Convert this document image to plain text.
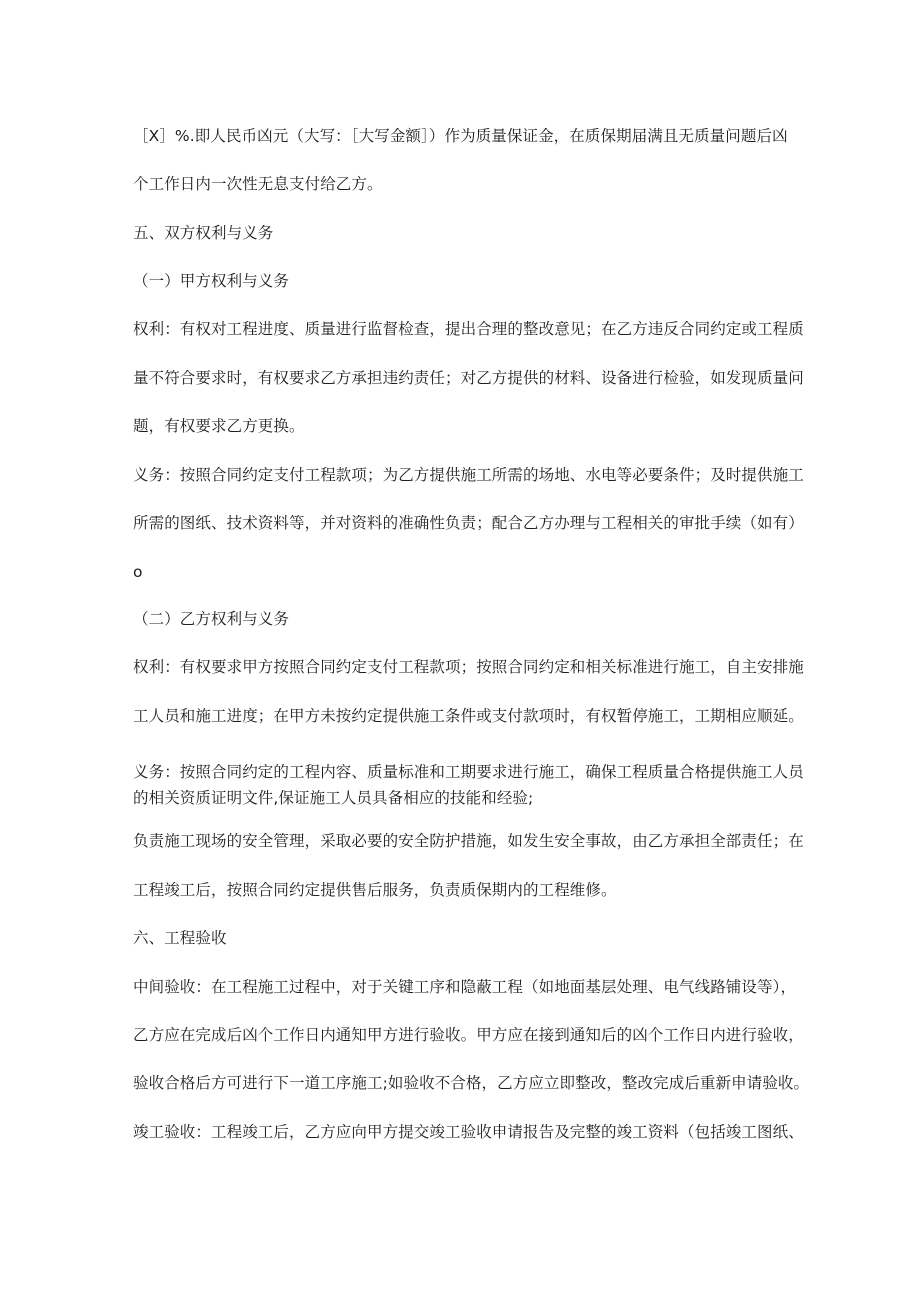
［X］%.即人民币凶元（大写：［大写金额］）作为质量保证金，在质保期届满且无质量问题后凶

个工作日内一次性无息支付给乙方。

五、双方权利与义务

（一）甲方权利与义务

权利：有权对工程进度、质量进行监督检查，提出合理的整改意见；在乙方违反合同约定或工程质

量不符合要求时，有权要求乙方承担违约责任；对乙方提供的材料、设备进行检验，如发现质量问

题，有权要求乙方更换。

义务：按照合同约定支付工程款项；为乙方提供施工所需的场地、水电等必要条件；及时提供施工

所需的图纸、技术资料等，并对资料的准确性负责；配合乙方办理与工程相关的审批手续（如有）

o

（二）乙方权利与义务

权利：有权要求甲方按照合同约定支付工程款项；按照合同约定和相关标准进行施工，自主安排施

工人员和施工进度；在甲方未按约定提供施工条件或支付款项时，有权暂停施工，工期相应顺延。

义务：按照合同约定的工程内容、质量标准和工期要求进行施工，确保工程质量合格提供施工人员

的相关资质证明文件,保证施工人员具备相应的技能和经验;

负责施工现场的安全管理，采取必要的安全防护措施，如发生安全事故，由乙方承担全部责任；在

工程竣工后，按照合同约定提供售后服务，负责质保期内的工程维修。

六、工程验收

中间验收：在工程施工过程中，对于关键工序和隐蔽工程（如地面基层处理、电气线路铺设等），

乙方应在完成后凶个工作日内通知甲方进行验收。甲方应在接到通知后的凶个工作日内进行验收，

验收合格后方可进行下一道工序施工;如验收不合格，乙方应立即整改，整改完成后重新申请验收。

竣工验收：工程竣工后，乙方应向甲方提交竣工验收申请报告及完整的竣工资料（包括竣工图纸、
